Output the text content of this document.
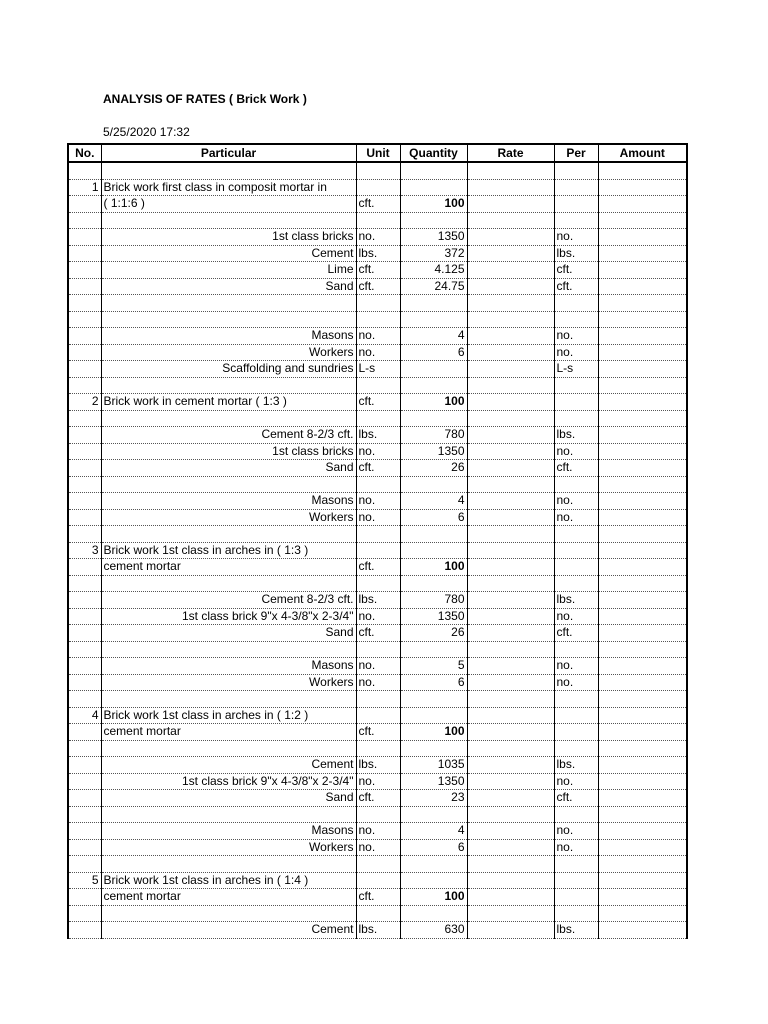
ANALYSIS OF RATES ( Brick Work )
5/25/2020 17:32
No.	Particular	Unit	Quantity	Rate	Per	Amount

1	Brick work first class in composit mortar in					
	( 1:1:6 )	cft.	100			

	1st class bricks	no.	1350		no.	
	Cement	lbs.	372		lbs.	
	Lime	cft.	4.125		cft.	
	Sand	cft.	24.75		cft.	

	Masons	no.	4		no.	
	Workers	no.	6		no.	
	Scaffolding and sundries	L-s			L-s	

2	Brick work in cement mortar ( 1:3 )	cft.	100			

	Cement 8-2/3 cft.	lbs.	780		lbs.	
	1st class bricks	no.	1350		no.	
	Sand	cft.	26		cft.	

	Masons	no.	4		no.	
	Workers	no.	6		no.	

3	Brick work 1st class in arches in ( 1:3 )					
	cement mortar	cft.	100			

	Cement 8-2/3 cft.	lbs.	780		lbs.	
	1st class brick 9"x 4-3/8"x 2-3/4"	no.	1350		no.	
	Sand	cft.	26		cft.	

	Masons	no.	5		no.	
	Workers	no.	6		no.	

4	Brick work 1st class in arches in ( 1:2 )					
	cement mortar	cft.	100			

	Cement	lbs.	1035		lbs.	
	1st class brick 9"x 4-3/8"x 2-3/4"	no.	1350		no.	
	Sand	cft.	23		cft.	

	Masons	no.	4		no.	
	Workers	no.	6		no.	

5	Brick work 1st class in arches in ( 1:4 )					
	cement mortar	cft.	100			

	Cement	lbs.	630		lbs.	
